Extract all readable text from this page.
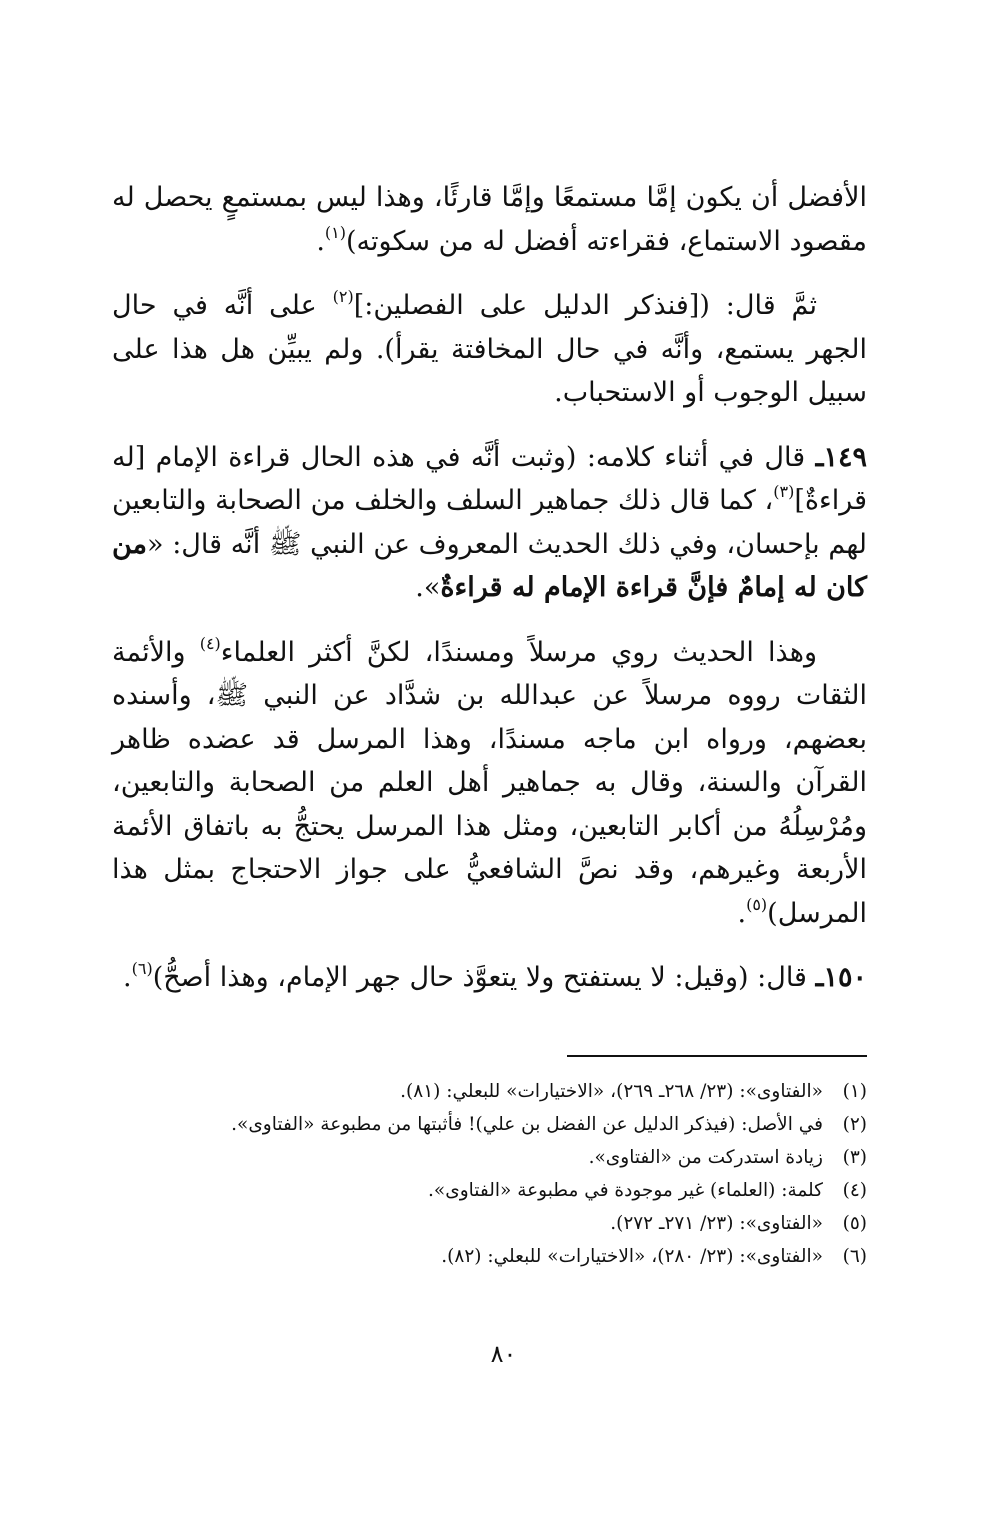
الأفضل أن يكون إمَّا مستمعًا وإمَّا قارئًا، وهذا ليس بمستمعٍ يحصل له مقصود الاستماع، فقراءته أفضل له من سكوته)$^{(١)}$.

ثمَّ قال: ([فنذكر الدليل على الفصلين:]$^{(٢)}$ على أنَّه في حال الجهر يستمع، وأنَّه في حال المخافتة يقرأ). ولم يبيِّن هل هذا على سبيل الوجوب أو الاستحباب.

١٤٩ـ قال في أثناء كلامه: (وثبت أنَّه في هذه الحال قراءة الإمام [له قراءةٌ]$^{(٣)}$، كما قال ذلك جماهير السلف والخلف من الصحابة والتابعين لهم بإحسان، وفي ذلك الحديث المعروف عن النبي ﷺ أنَّه قال: «من كان له إمامٌ فإنَّ قراءة الإمام له قراءةٌ».

وهذا الحديث روي مرسلاً ومسندًا، لكنَّ أكثر العلماء$^{(٤)}$ والأئمة الثقات رووه مرسلاً عن عبدالله بن شدَّاد عن النبي ﷺ، وأسنده بعضهم، ورواه ابن ماجه مسندًا، وهذا المرسل قد عضده ظاهر القرآن والسنة، وقال به جماهير أهل العلم من الصحابة والتابعين، ومُرْسِلُهُ من أكابر التابعين، ومثل هذا المرسل يحتجُّ به باتفاق الأئمة الأربعة وغيرهم، وقد نصَّ الشافعيُّ على جواز الاحتجاج بمثل هذا المرسل)$^{(٥)}$.

١٥٠ـ قال: (وقيل: لا يستفتح ولا يتعوَّذ حال جهر الإمام، وهذا أصحُّ)$^{(٦)}$.

(١)«الفتاوى»: (٢٣/ ٢٦٨ـ ٢٦٩)، «الاختيارات» للبعلي: (٨١).
(٢)في الأصل: (فيذكر الدليل عن الفضل بن علي)! فأثبتها من مطبوعة «الفتاوى».
(٣)زيادة استدركت من «الفتاوى».
(٤)كلمة: (العلماء) غير موجودة في مطبوعة «الفتاوى».
(٥)«الفتاوى»: (٢٣/ ٢٧١ـ ٢٧٢).
(٦)«الفتاوى»: (٢٣/ ٢٨٠)، «الاختيارات» للبعلي: (٨٢).
٨٠
